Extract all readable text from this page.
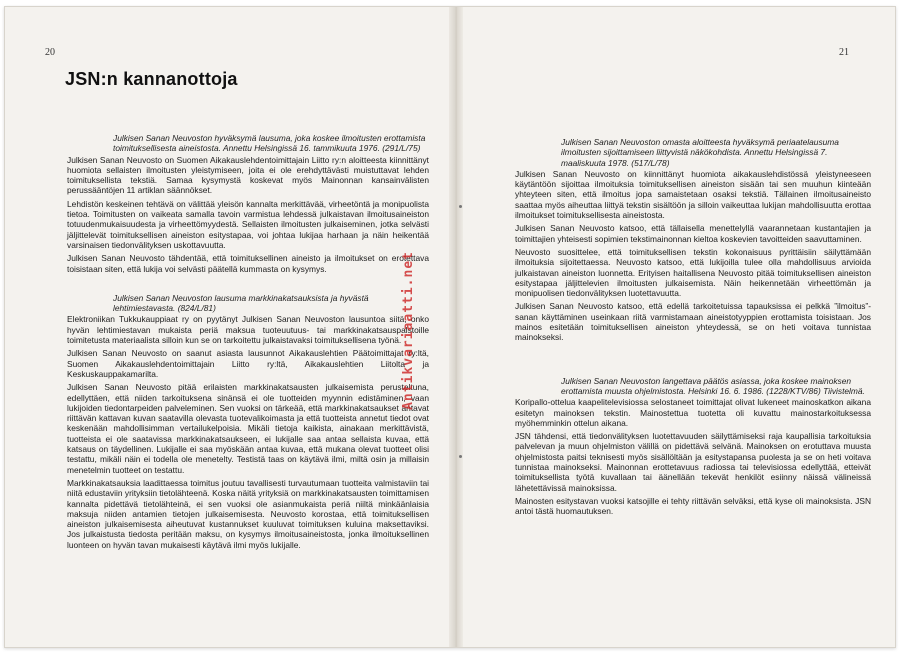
20
JSN:n kannanottoja

Julkisen Sanan Neuvoston hyväksymä lausuma, joka koskee ilmoitusten erottamista toimituksellisesta aineistosta. Annettu Helsingissä 16. tammikuuta 1976. (291/L/75)

Julkisen Sanan Neuvosto on Suomen Aikakauslehdentoimittajain Liitto ry:n aloitteesta kiinnittänyt huomiota sellaisten ilmoitusten yleistymiseen, joita ei ole erehdyttävästi muistuttavat lehden toimituksellista tekstiä. Samaa kysymystä koskevat myös Mainonnan kansainvälisten perussääntöjen 11 artiklan säännökset.

Lehdistön keskeinen tehtävä on välittää yleisön kannalta merkittävää, virheetöntä ja monipuolista tietoa. Toimitusten on vaikeata samalla tavoin varmistua lehdessä julkaistavan ilmoitusaineiston totuudenmukaisuudesta ja virheettömyydestä. Sellaisten ilmoitusten julkaiseminen, jotka selvästi jäljittelevät toimituksellisen aineiston esitystapaa, voi johtaa lukijaa harhaan ja näin heikentää varsinaisen tiedonvälityksen uskottavuutta.

Julkisen Sanan Neuvosto tähdentää, että toimituksellinen aineisto ja ilmoitukset on erotettava toisistaan siten, että lukija voi selvästi päätellä kummasta on kysymys.

Julkisen Sanan Neuvoston lausuma markkinakatsauksista ja hyvästä lehtimiestavasta. (824/L/81)

Elektroniikan Tukkukauppiaat ry on pyytänyt Julkisen Sanan Neuvoston lausuntoa siitä, onko hyvän lehtimiestavan mukaista periä maksua tuoteuutuus- tai markkinakatsauspalstoille toimitetusta materiaalista silloin kun se on tarkoitettu julkaistavaksi toimituksellisena työnä.

Julkisen Sanan Neuvosto on saanut asiasta lausunnot Aikakauslehtien Päätoimittajat ry:ltä, Suomen Aikakauslehdentoimittajain Liitto ry:ltä, Aikakauslehtien Liitolta ja Keskuskauppakamarilta.

Julkisen Sanan Neuvosto pitää erilaisten markkinakatsausten julkaisemista perusteltuna, edellyttäen, että niiden tarkoituksena sinänsä ei ole tuotteiden myynnin edistäminen, vaan lukijoiden tiedontarpeiden palveleminen. Sen vuoksi on tärkeää, että markkinakatsaukset antavat riittävän kattavan kuvan saatavilla olevasta tuotevalikoimasta ja että tuotteista annetut tiedot ovat keskenään mahdollisimman vertailukelpoisia. Mikäli tietoja kaikista, ainakaan merkittävistä, tuotteista ei ole saatavissa markkinakatsaukseen, ei lukijalle saa antaa sellaista kuvaa, että katsaus on täydellinen. Lukijalle ei saa myöskään antaa kuvaa, että mukana olevat tuotteet olisi testattu, mikäli näin ei todella ole menetelty. Testistä taas on käytävä ilmi, miltä osin ja millaisin menetelmin tuotteet on testattu.

Markkinakatsauksia laadittaessa toimitus joutuu tavallisesti turvautumaan tuotteita valmistaviin tai niitä edustaviin yrityksiin tietolähteenä. Koska näitä yrityksiä on markkinakatsausten toimittamisen kannalta pidettävä tietolähteinä, ei sen vuoksi ole asianmukaista periä niiltä minkäänlaisia maksuja niiden antamien tietojen julkaisemisesta. Neuvosto korostaa, että toimituksellisen aineiston julkaisemisesta aiheutuvat kustannukset kuuluvat toimituksen kuluina maksettaviksi. Jos julkaistusta tiedosta peritään maksu, on kysymys ilmoitusaineistosta, jonka ilmoituksellinen luonteen on hyvän tavan mukaisesti käytävä ilmi myös lukijalle.

Antikvariaatti.net
21

Julkisen Sanan Neuvoston omasta aloitteesta hyväksymä periaatelausuma ilmoitusten sijoittamiseen liittyvistä näkökohdista. Annettu Helsingissä 7. maaliskuuta 1978. (517/L/78)

Julkisen Sanan Neuvosto on kiinnittänyt huomiota aikakauslehdistössä yleistyneeseen käytäntöön sijoittaa ilmoituksia toimituksellisen aineiston sisään tai sen muuhun kiinteään yhteyteen siten, että ilmoitus jopa samaistetaan osaksi tekstiä. Tällainen ilmoitusaineisto saattaa myös aiheuttaa liittyä tekstin sisältöön ja silloin vaikeuttaa lukijan mahdollisuutta erottaa ilmoitukset toimituksellisesta aineistosta.

Julkisen Sanan Neuvosto katsoo, että tällaisella menettelyllä vaarannetaan kustantajien ja toimittajien yhteisesti sopimien tekstimainonnan kieltoa koskevien tavoitteiden saavuttaminen.

Neuvosto suosittelee, että toimituksellisen tekstin kokonaisuus pyrittäisiin säilyttämään ilmoituksia sijoitettaessa. Neuvosto katsoo, että lukijoilla tulee olla mahdollisuus arvioida julkaistavan aineiston luonnetta. Erityisen haitallisena Neuvosto pitää toimituksellisen aineiston esitystapaa jäljittelevien ilmoitusten julkaisemista. Näin heikennetään virheettömän ja monipuolisen tiedonvälityksen luotettavuutta.

Julkisen Sanan Neuvosto katsoo, että edellä tarkoitetuissa tapauksissa ei pelkkä ”ilmoitus”-sanan käyttäminen useinkaan riitä varmistamaan aineistotyyppien erottamista toisistaan. Jos mainos esitetään toimituksellisen aineiston yhteydessä, se on heti voitava tunnistaa mainokseksi.

Julkisen Sanan Neuvoston langettava päätös asiassa, joka koskee mainoksen erottamista muusta ohjelmistosta. Helsinki 16. 6. 1986. (1228/KTV/86) Tiivistelmä.

Koripallo-ottelua kaapelitelevisiossa selostaneet toimittajat olivat lukeneet mainoskatkon aikana esitetyn mainoksen tekstin. Mainostettua tuotetta oli kuvattu mainostarkoituksessa myöhemminkin ottelun aikana.

JSN tähdensi, että tiedonvälityksen luotettavuuden säilyttämiseksi raja kaupallisia tarkoituksia palvelevan ja muun ohjelmiston välillä on pidettävä selvänä. Mainoksen on erotuttava muusta ohjelmistosta paitsi teknisesti myös sisällöltään ja esitystapansa puolesta ja se on heti voitava tunnistaa mainokseksi. Mainonnan erottetavuus radiossa tai televisiossa edellyttää, etteivät toimituksellista työtä kuvallaan tai äänellään tekevät henkilöt esiinny näissä välineissä lähetettävissä mainoksissa.

Mainosten esitystavan vuoksi katsojille ei tehty riittävän selväksi, että kyse oli mainoksista. JSN antoi tästä huomautuksen.
